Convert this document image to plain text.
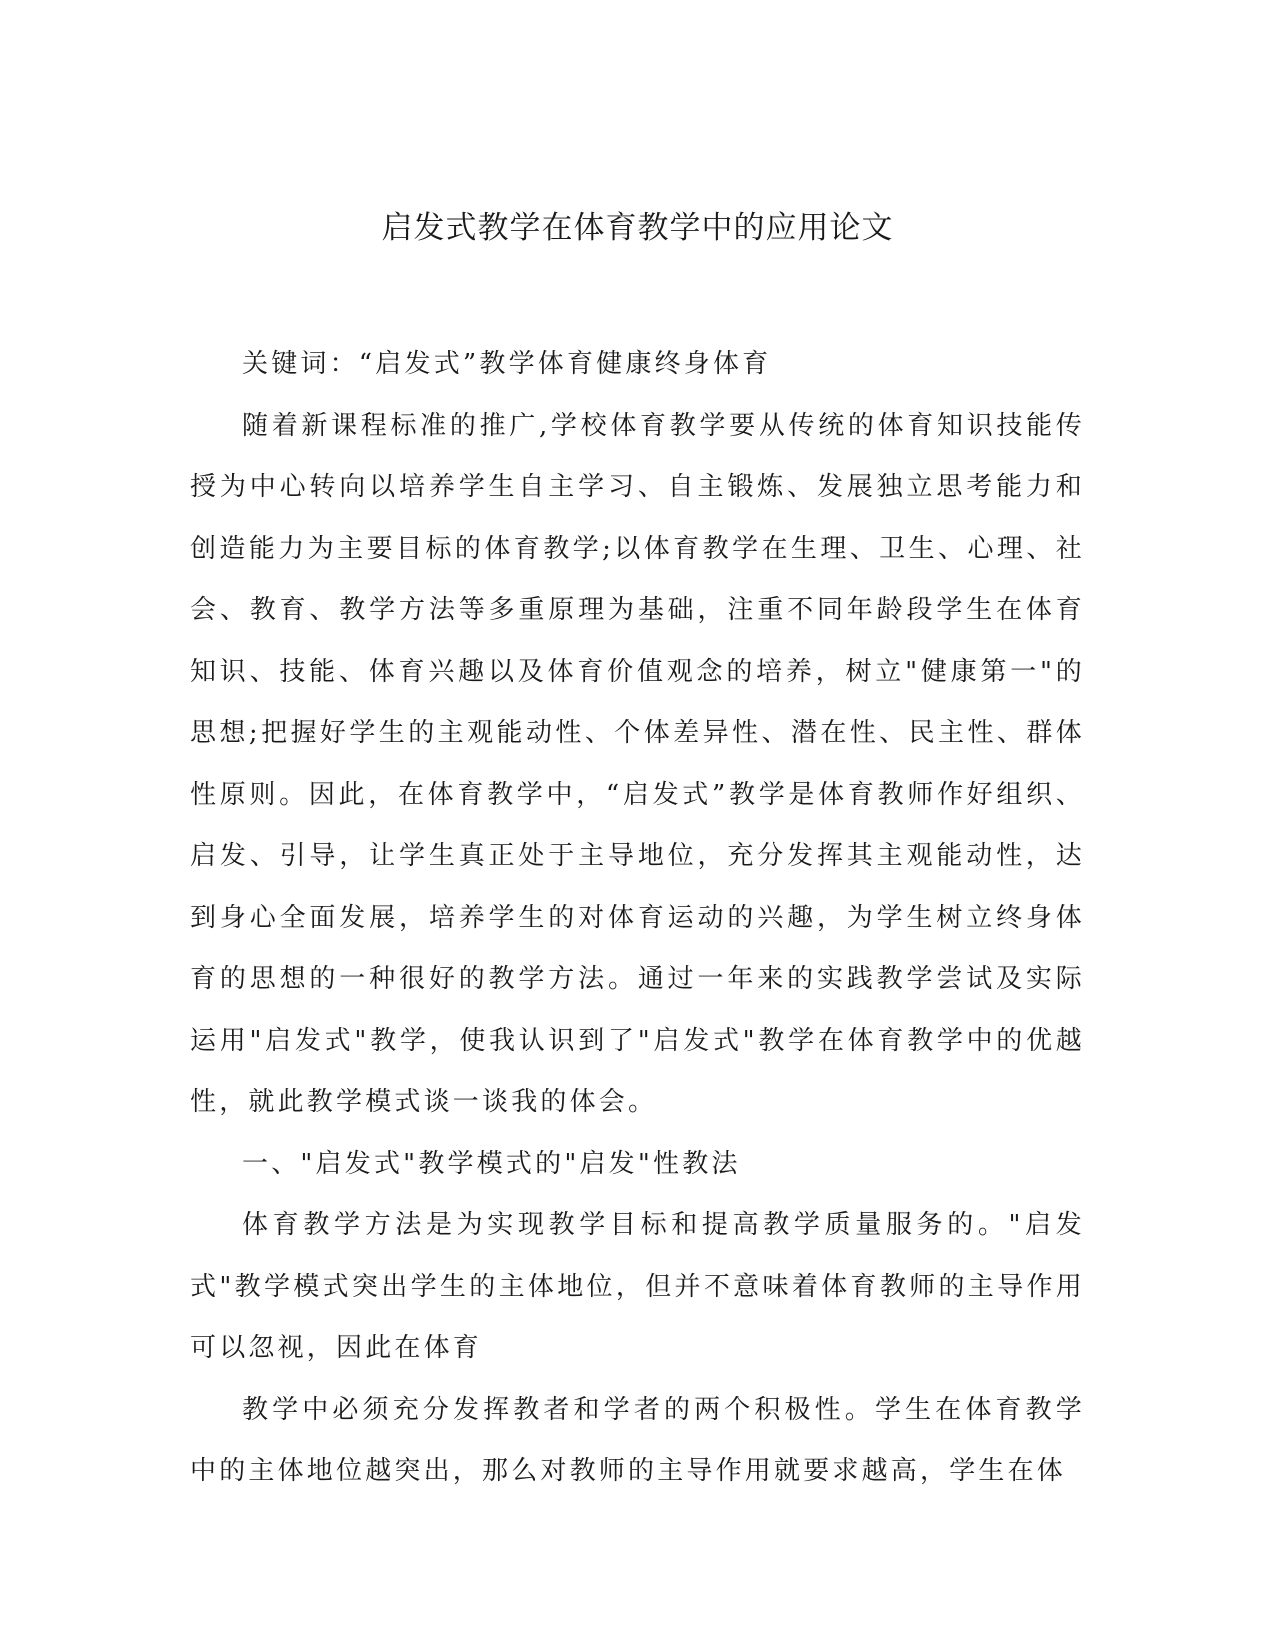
启发式教学在体育教学中的应用论文

关键词：“启发式”教学体育健康终身体育

随着新课程标准的推广,学校体育教学要从传统的体育知识技能传授为中心转向以培养学生自主学习、自主锻炼、发展独立思考能力和创造能力为主要目标的体育教学;以体育教学在生理、卫生、心理、社会、教育、教学方法等多重原理为基础，注重不同年龄段学生在体育知识、技能、体育兴趣以及体育价值观念的培养，树立"健康第一"的思想;把握好学生的主观能动性、个体差异性、潜在性、民主性、群体性原则。因此，在体育教学中，“启发式”教学是体育教师作好组织、启发、引导，让学生真正处于主导地位，充分发挥其主观能动性，达到身心全面发展，培养学生的对体育运动的兴趣，为学生树立终身体育的思想的一种很好的教学方法。通过一年来的实践教学尝试及实际运用"启发式"教学，使我认识到了"启发式"教学在体育教学中的优越性，就此教学模式谈一谈我的体会。

一、"启发式"教学模式的"启发"性教法

体育教学方法是为实现教学目标和提高教学质量服务的。"启发式"教学模式突出学生的主体地位，但并不意味着体育教师的主导作用可以忽视，因此在体育

教学中必须充分发挥教者和学者的两个积极性。学生在体育教学中的主体地位越突出，那么对教师的主导作用就要求越高，学生在体
